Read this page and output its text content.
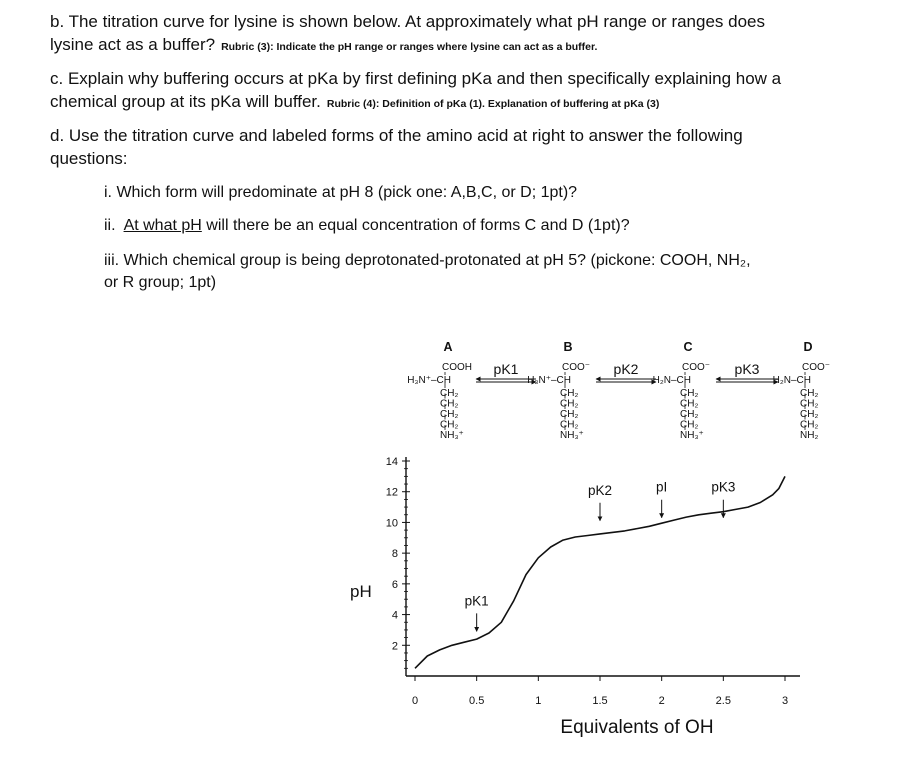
b. The titration curve for lysine is shown below. At approximately what pH range or ranges does
lysine act as a buffer? Rubric (3): Indicate the pH range or ranges where lysine can act as a buffer.
c. Explain why buffering occurs at pKa by first defining pKa and then specifically explaining how a
chemical group at its pKa will buffer. Rubric (4): Definition of pKa (1). Explanation of buffering at pKa (3)
d. Use the titration curve and labeled forms of the amino acid at right to answer the following
questions:
i. Which form will predominate at pH 8 (pick one: A,B,C, or D; 1pt)?
ii.  At what pH will there be an equal concentration of forms C and D (1pt)?
iii. Which chemical group is being deprotonated-protonated at pH 5? (pickone: COOH, NH₂,
or R group; 1pt)
A
COOH
H₃N⁺–CH
CH₂
CH₂
CH₂
CH₂
NH₃⁺
B
COO⁻
H₃N⁺–CH
CH₂
CH₂
CH₂
CH₂
NH₃⁺
C
COO⁻
H₂N–CH
CH₂
CH₂
CH₂
CH₂
NH₃⁺
D
COO⁻
H₂N–CH
CH₂
CH₂
CH₂
CH₂
NH₂
pK1	pK2	pK3
2
4
6
8
10
12
14
0	0.5	1	1.5	2	2.5	3
Equivalents of OH
pH	pK1
pK2	pI	pK3
